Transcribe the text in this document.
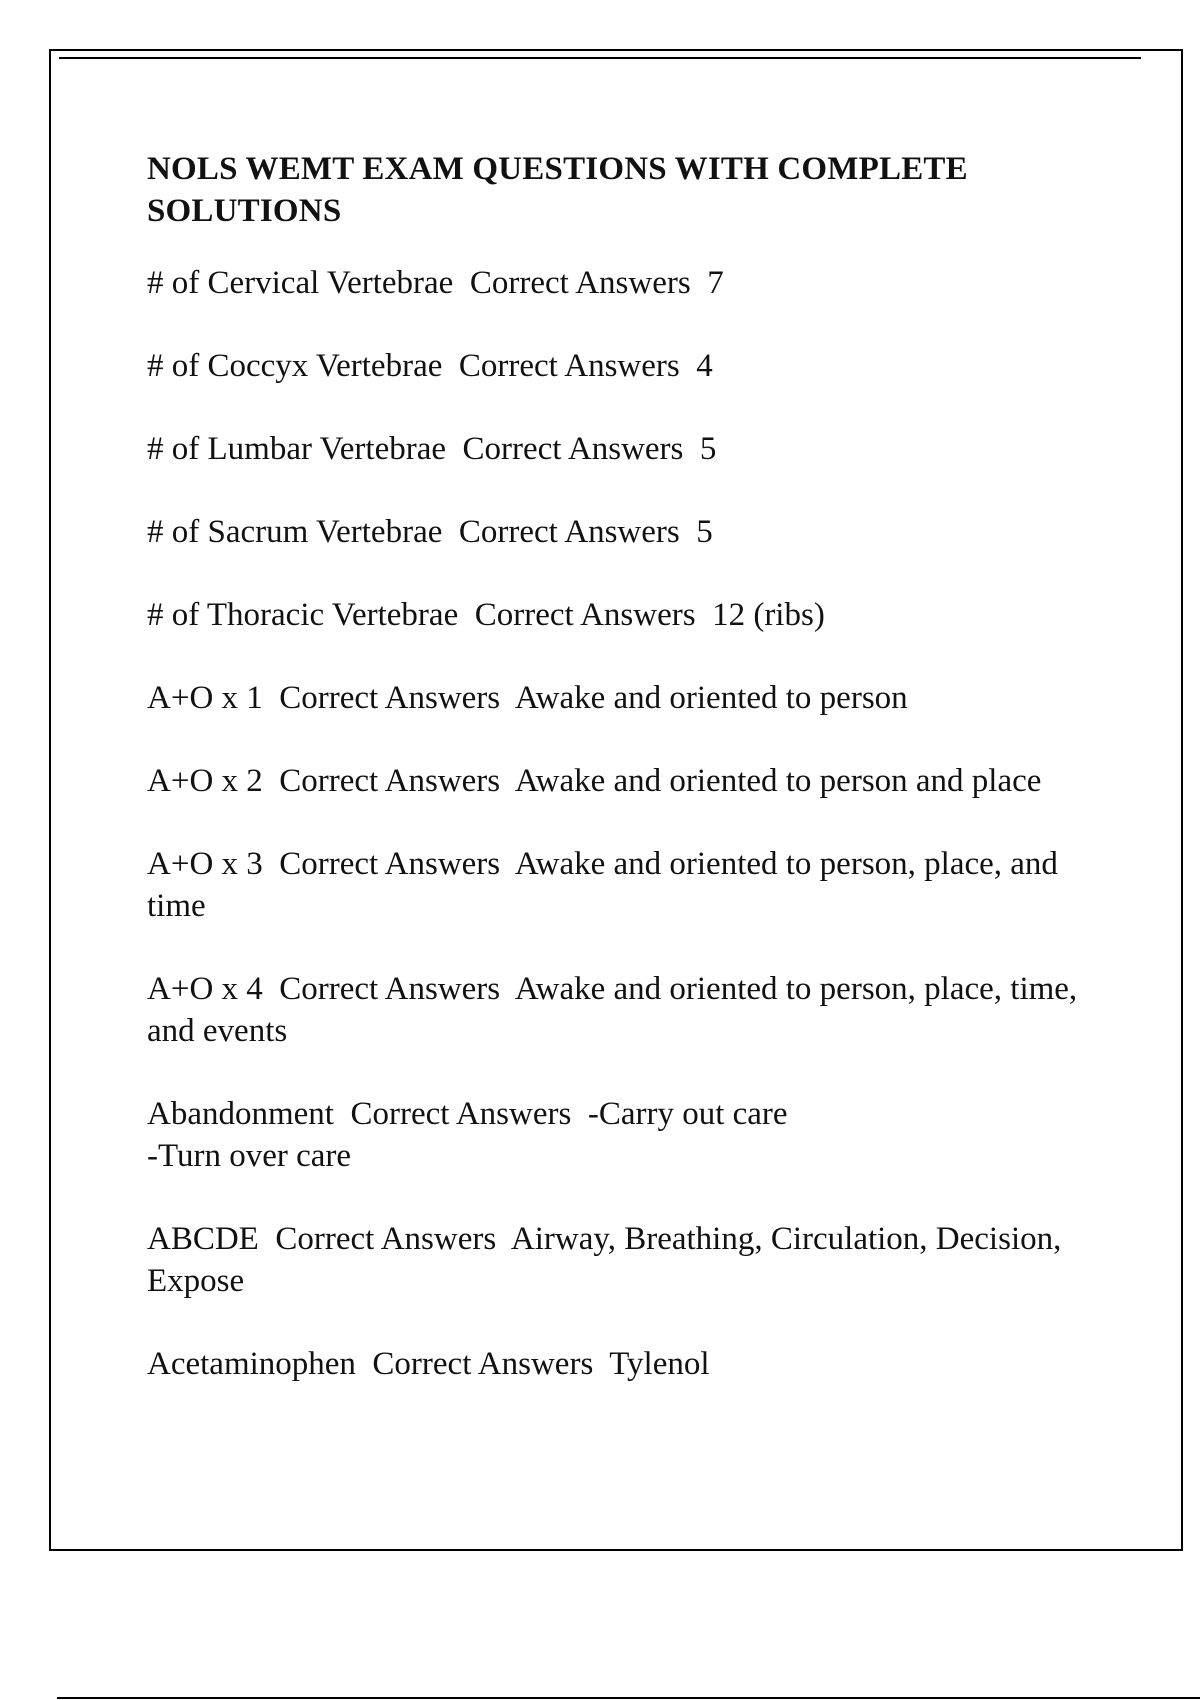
NOLS WEMT EXAM QUESTIONS WITH COMPLETE SOLUTIONS
# of Cervical Vertebrae  Correct Answers  7
# of Coccyx Vertebrae  Correct Answers  4
# of Lumbar Vertebrae  Correct Answers  5
# of Sacrum Vertebrae  Correct Answers  5
# of Thoracic Vertebrae  Correct Answers  12 (ribs)
A+O x 1  Correct Answers  Awake and oriented to person
A+O x 2  Correct Answers  Awake and oriented to person and place
A+O x 3  Correct Answers  Awake and oriented to person, place, and time
A+O x 4  Correct Answers  Awake and oriented to person, place, time, and events
Abandonment  Correct Answers  -Carry out care
-Turn over care
ABCDE  Correct Answers  Airway, Breathing, Circulation, Decision, Expose
Acetaminophen  Correct Answers  Tylenol
